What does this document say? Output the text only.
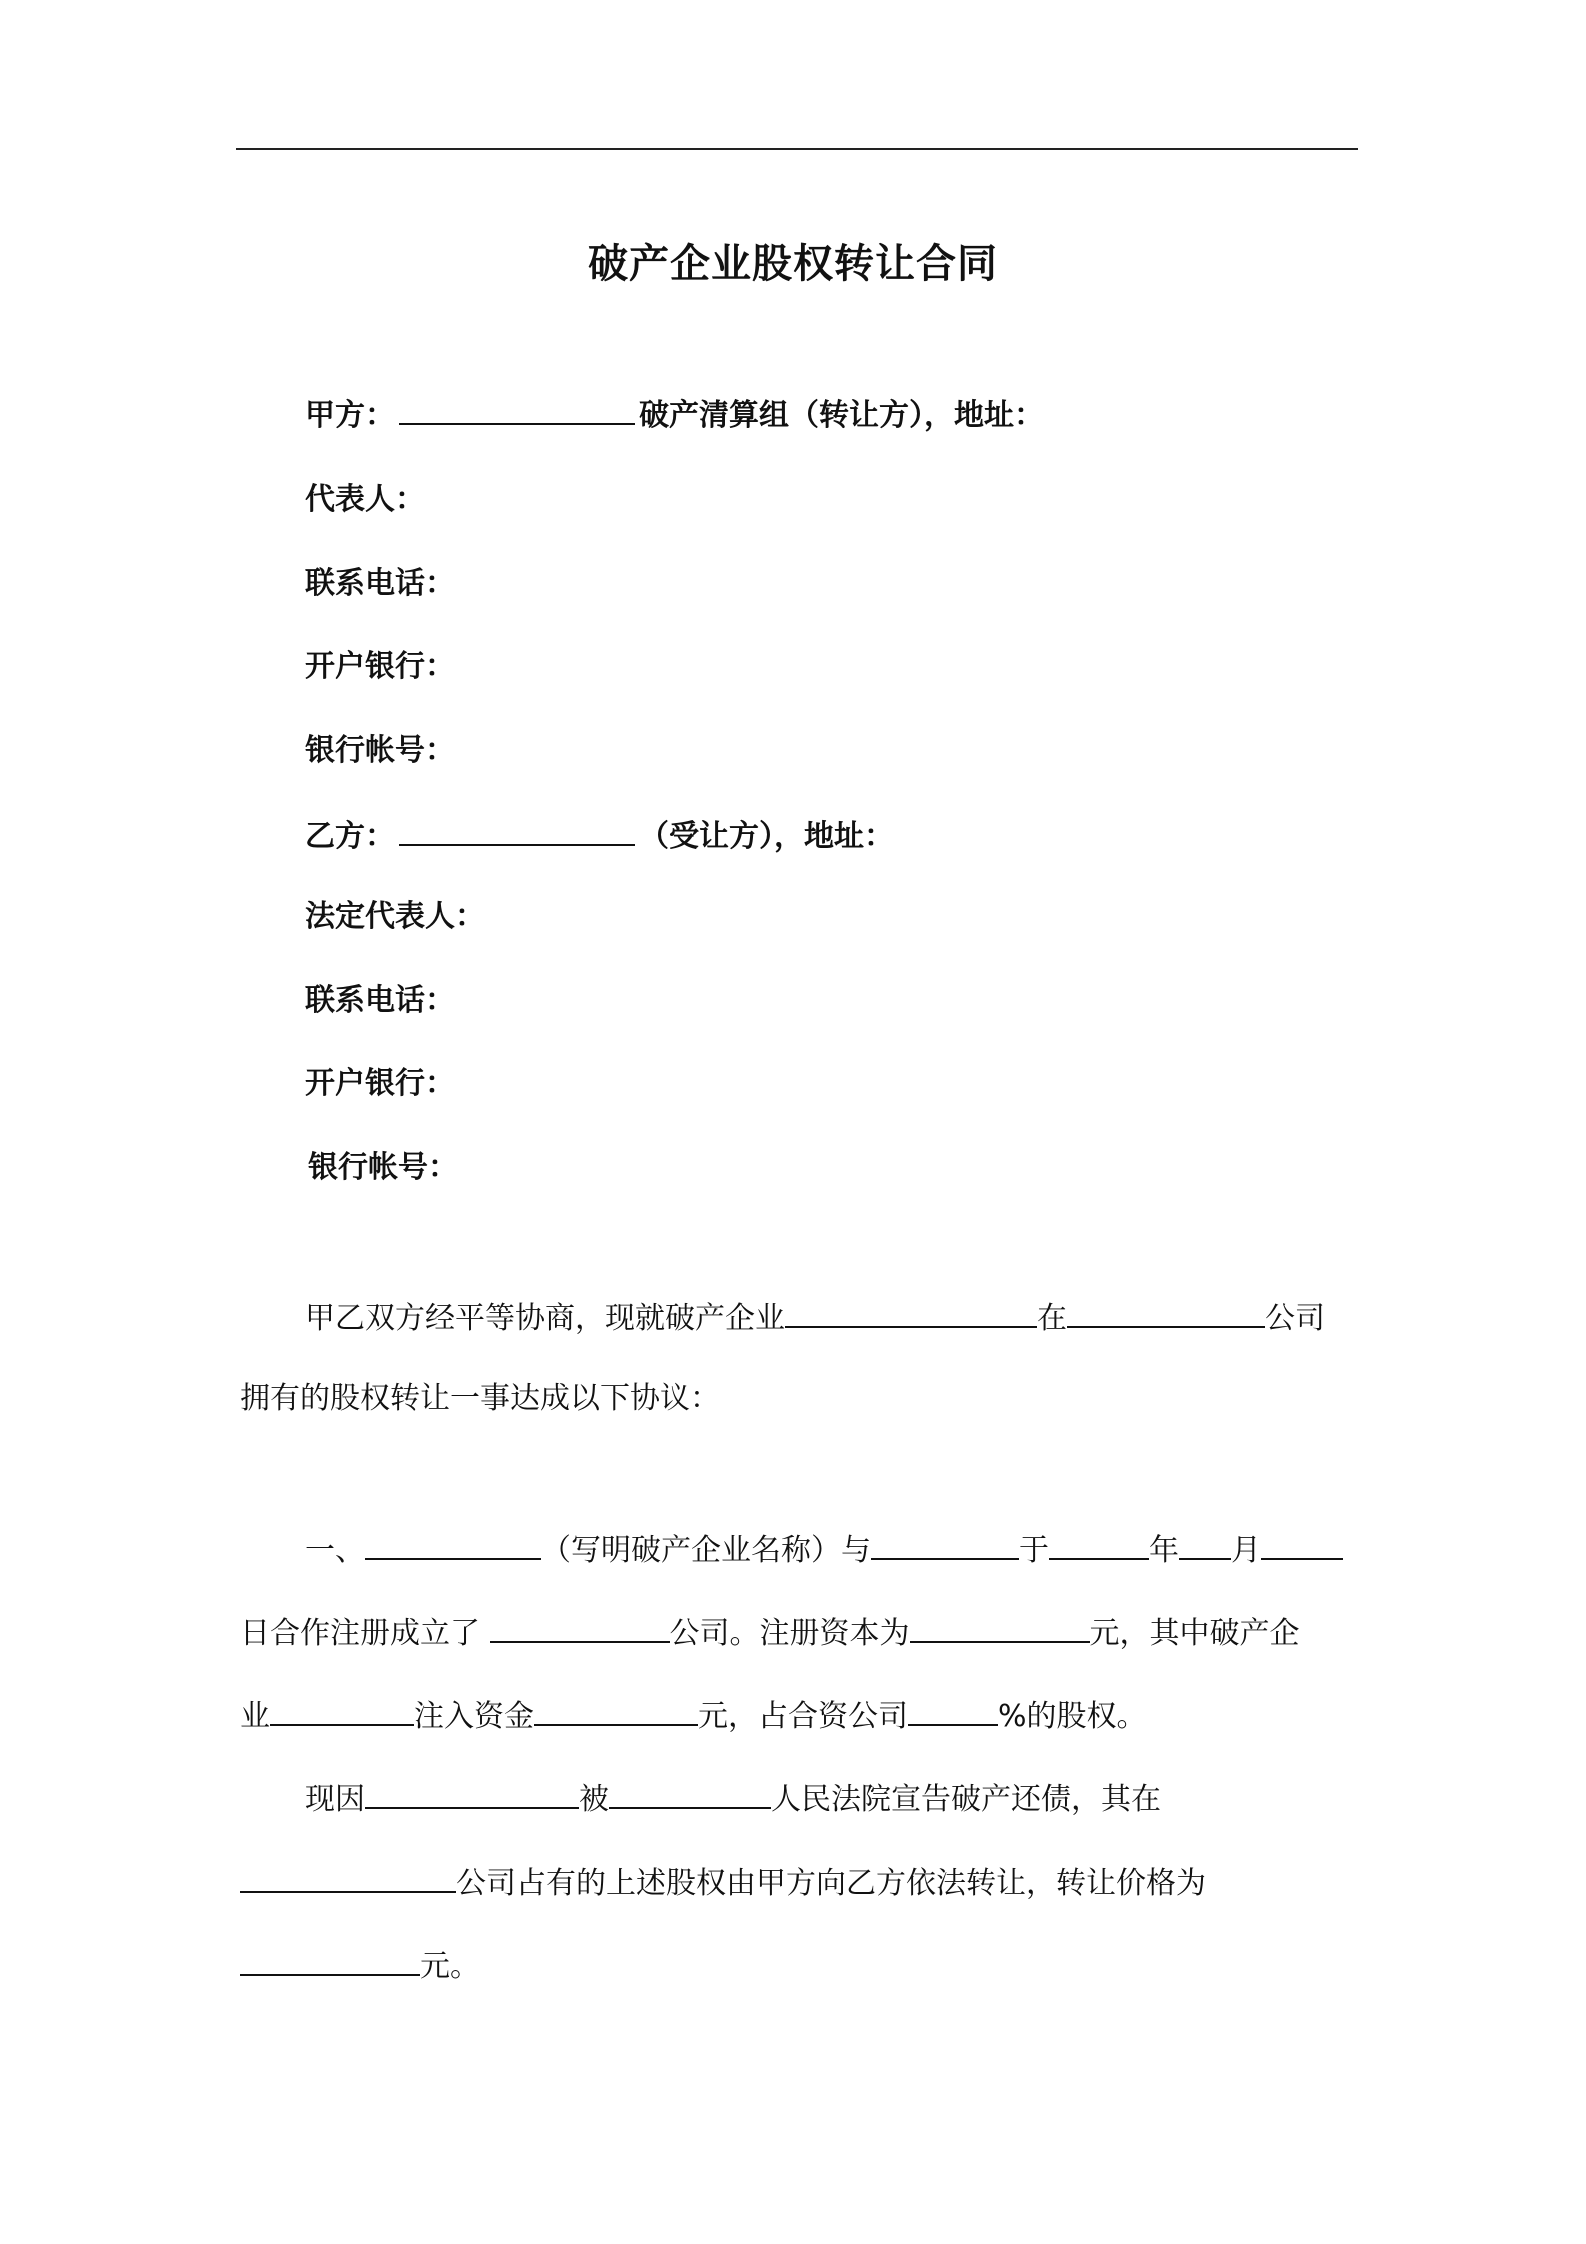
破产企业股权转让合同
甲方：	破产清算组（转让方），地址：
代表人：
联系电话：
开户银行：
银行帐号：
乙方：	（受让方），地址：
法定代表人：
联系电话：
开户银行：
银行帐号：
甲乙双方经平等协商，现就破产企业	在	公司
拥有的股权转让一事达成以下协议：
一、	（写明破产企业名称）与	于	年 月
日合作注册成立了	公司。注册资本为	元，其中破产企
业	注入资金	元，占合资公司	%的股权。
现因	被	人民法院宣告破产还债，其在
公司占有的上述股权由甲方向乙方依法转让，转让价格为
元。
